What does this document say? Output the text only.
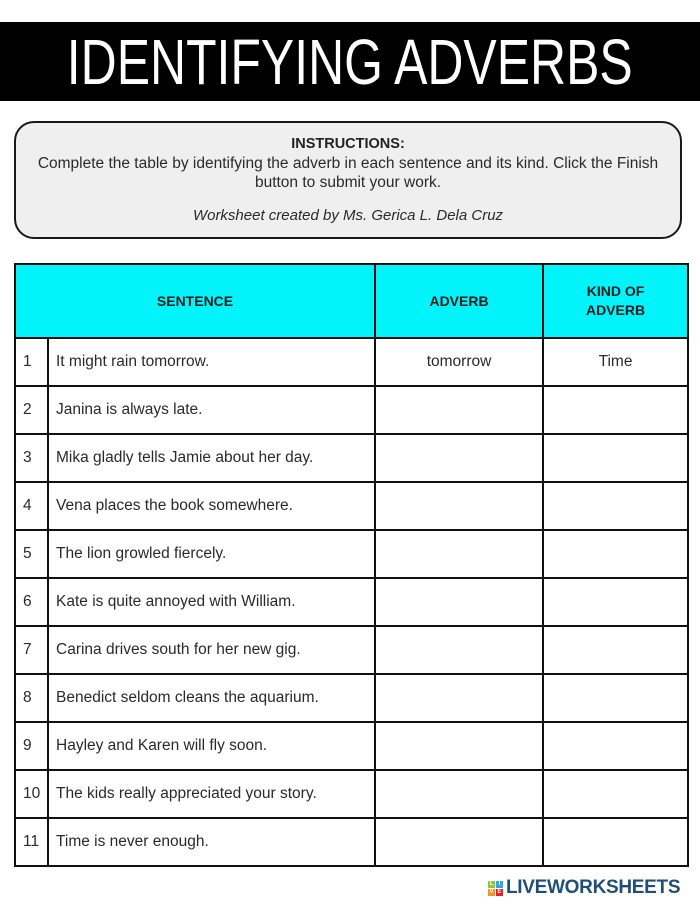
IDENTIFYING ADVERBS
INSTRUCTIONS:
Complete the table by identifying the adverb in each sentence and its kind. Click the Finish button to submit your work.
Worksheet created by Ms. Gerica L. Dela Cruz
SENTENCE		ADVERB	KIND OF ADVERB

1	It might rain tomorrow.	tomorrow	Time
2	Janina is always late.		
3	Mika gladly tells Jamie about her day.		
4	Vena places the book somewhere.		
5	The lion growled fiercely.		
6	Kate is quite annoyed with William.		
7	Carina drives south for her new gig.		
8	Benedict seldom cleans the aquarium.		
9	Hayley and Karen will fly soon.		
10	The kids really appreciated your story.		
11	Time is never enough.		
L I
V E LIVEWORKSHEETS
